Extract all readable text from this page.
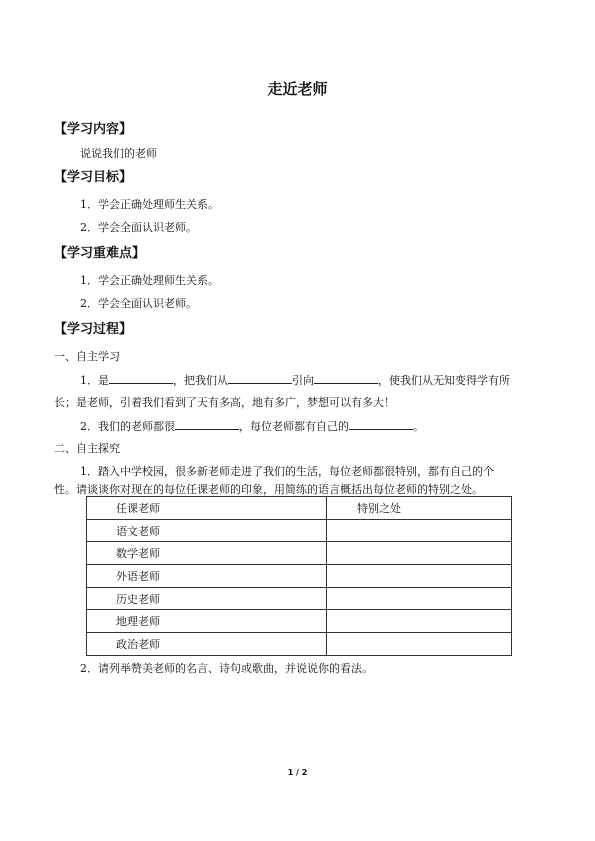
走近老师
【学习内容】
说说我们的老师
【学习目标】
1．学会正确处理师生关系。
2．学会全面认识老师。
【学习重难点】
1．学会正确处理师生关系。
2．学会全面认识老师。
【学习过程】
一、自主学习
1．是	，把我们从	引向	，使我们从无知变得学有所
长；是老师，引着我们看到了天有多高，地有多广，梦想可以有多大！
2．我们的老师都很	，每位老师都有自己的	。
二、自主探究
1．踏入中学校园，很多新老师走进了我们的生活，每位老师都很特别，都有自己的个
性。请谈谈你对现在的每位任课老师的印象，用简练的语言概括出每位老师的特别之处。
任课老师	特别之处
语文老师	
数学老师	
外语老师	
历史老师	
地理老师	
政治老师	
2．请列举赞美老师的名言、诗句或歌曲，并说说你的看法。
1 / 2
